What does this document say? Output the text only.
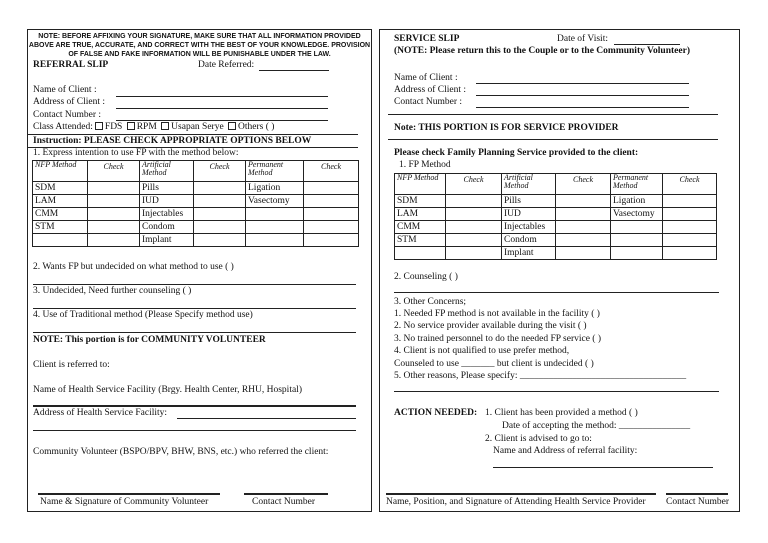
NOTE: BEFORE AFFIXING YOUR SIGNATURE, MAKE SURE THAT ALL INFORMATION PROVIDED
ABOVE ARE TRUE, ACCURATE, AND CORRECT WITH THE BEST OF YOUR KNOWLEDGE. PROVISION
OF FALSE AND FAKE INFORMATION WILL BE PUNISHABLE UNDER THE LAW.
REFERRAL SLIP	Date Referred:
Name of Client :
Address of Client :
Contact Number :
Class Attended: FDS RPM Usapan Serye Others ( )
Instruction: PLEASE CHECK APPROPRIATE OPTIONS BELOW
1. Express intention to use FP with the method below:
NFP Method	Check	Artificial Method	Check	Permanent Method	Check
SDM		Pills		Ligation	
LAM		IUD		Vasectomy	
CMM		Injectables			
STM		Condom			
		Implant			
2. Wants FP but undecided on what method to use ( )
3. Undecided, Need further counseling ( )
4. Use of Traditional method (Please Specify method use)
NOTE: This portion is for COMMUNITY VOLUNTEER
Client is referred to:
Name of Health Service Facility (Brgy. Health Center, RHU, Hospital)
Address of Health Service Facility:
Community Volunteer (BSPO/BPV, BHW, BNS, etc.) who referred the client:
Name & Signature of Community Volunteer	Contact Number
SERVICE SLIP	Date of Visit:
(NOTE: Please return this to the Couple or to the Community Volunteer)
Name of Client :
Address of Client :
Contact Number :
Note: THIS PORTION IS FOR SERVICE PROVIDER
Please check Family Planning Service provided to the client:
1. FP Method
NFP Method	Check	Artificial Method	Check	Permanent Method	Check
SDM		Pills		Ligation	
LAM		IUD		Vasectomy	
CMM		Injectables			
STM		Condom			
		Implant			
2. Counseling ( )
3. Other Concerns;
1. Needed FP method is not available in the facility ( )
2. No service provider available during the visit ( )
3. No trained personnel to do the needed FP service ( )
4. Client is not qualified to use prefer method,
Counseled to use _______ but client is undecided ( )
5. Other reasons, Please specify: ___________________________________
ACTION NEEDED: 1. Client has been provided a method ( )
Date of accepting the method: _______________
2. Client is advised to go to:
Name and Address of referral facility:
Name, Position, and Signature of Attending Health Service Provider Contact Number
